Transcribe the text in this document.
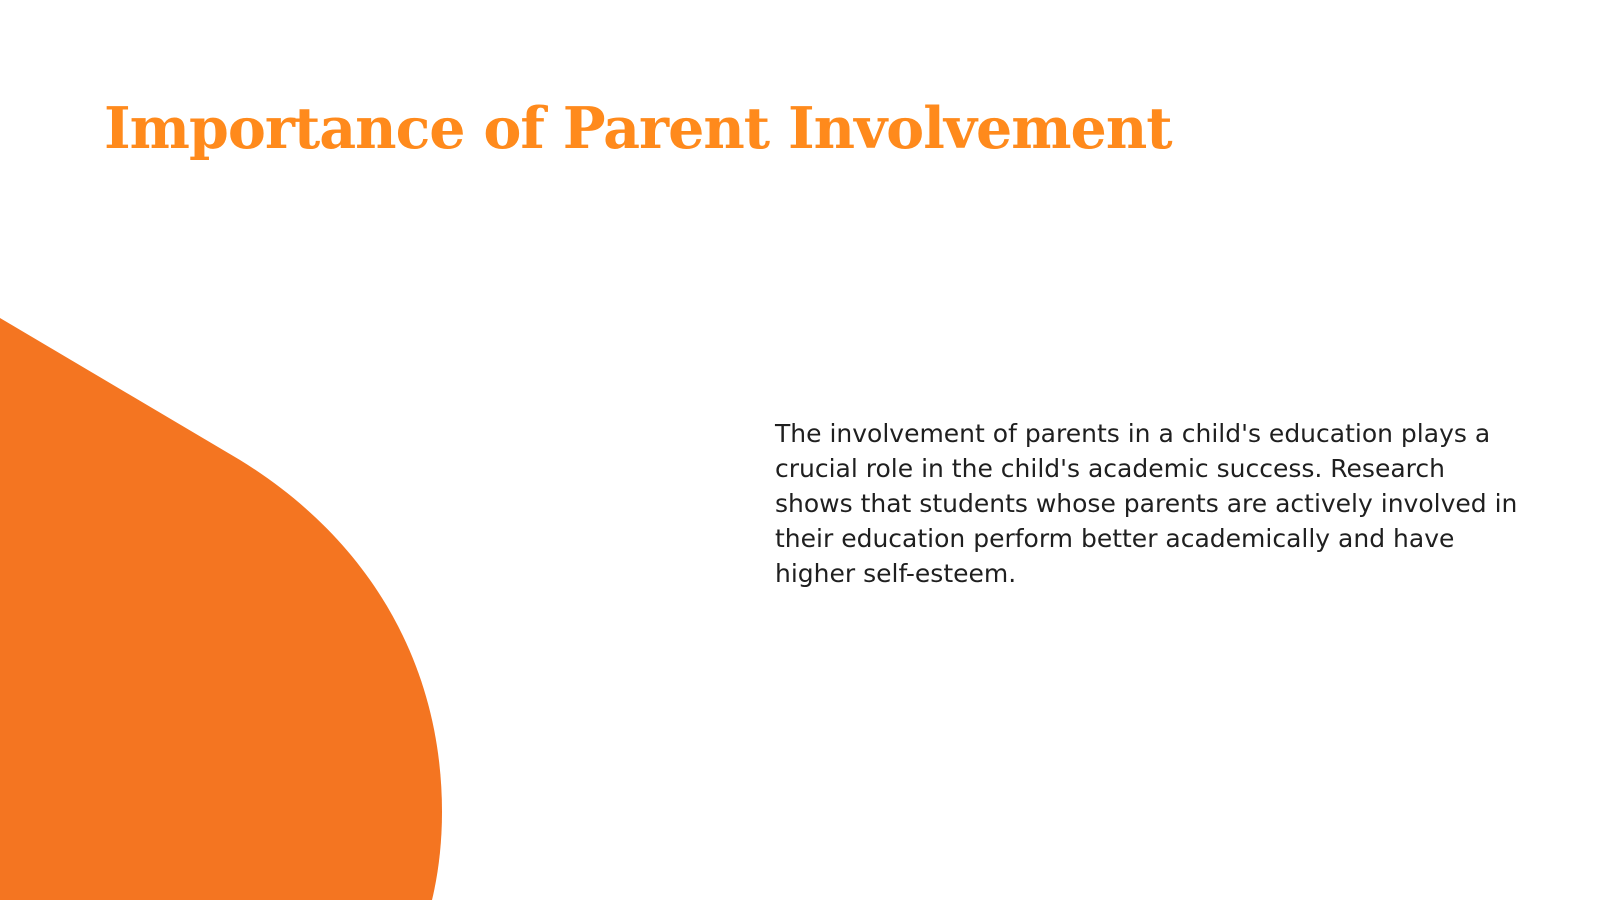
Importance of Parent Involvement

The involvement of parents in a child's education plays a crucial role in the child's academic success. Research shows that students whose parents are actively involved in their education perform better academically and have higher self-esteem.
